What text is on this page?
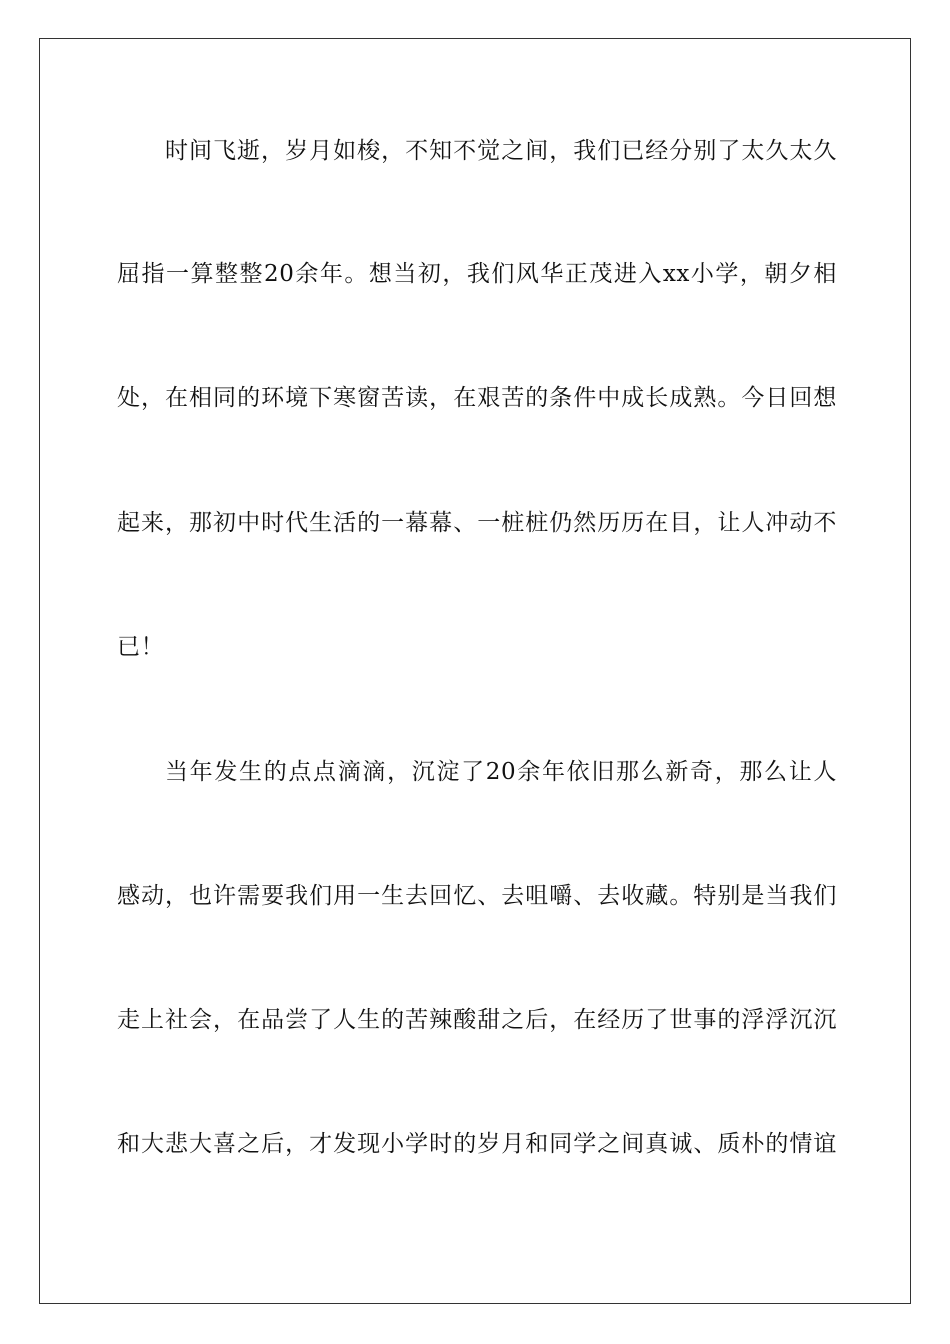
时间飞逝，岁月如梭，不知不觉之间，我们已经分别了太久太久
屈指一算整整20余年。想当初，我们风华正茂进入xx小学，朝夕相
处，在相同的环境下寒窗苦读，在艰苦的条件中成长成熟。今日回想
起来，那初中时代生活的一幕幕、一桩桩仍然历历在目，让人冲动不
已！
当年发生的点点滴滴，沉淀了20余年依旧那么新奇，那么让人
感动，也许需要我们用一生去回忆、去咀嚼、去收藏。特别是当我们
走上社会，在品尝了人生的苦辣酸甜之后，在经历了世事的浮浮沉沉
和大悲大喜之后，才发现小学时的岁月和同学之间真诚、质朴的情谊
